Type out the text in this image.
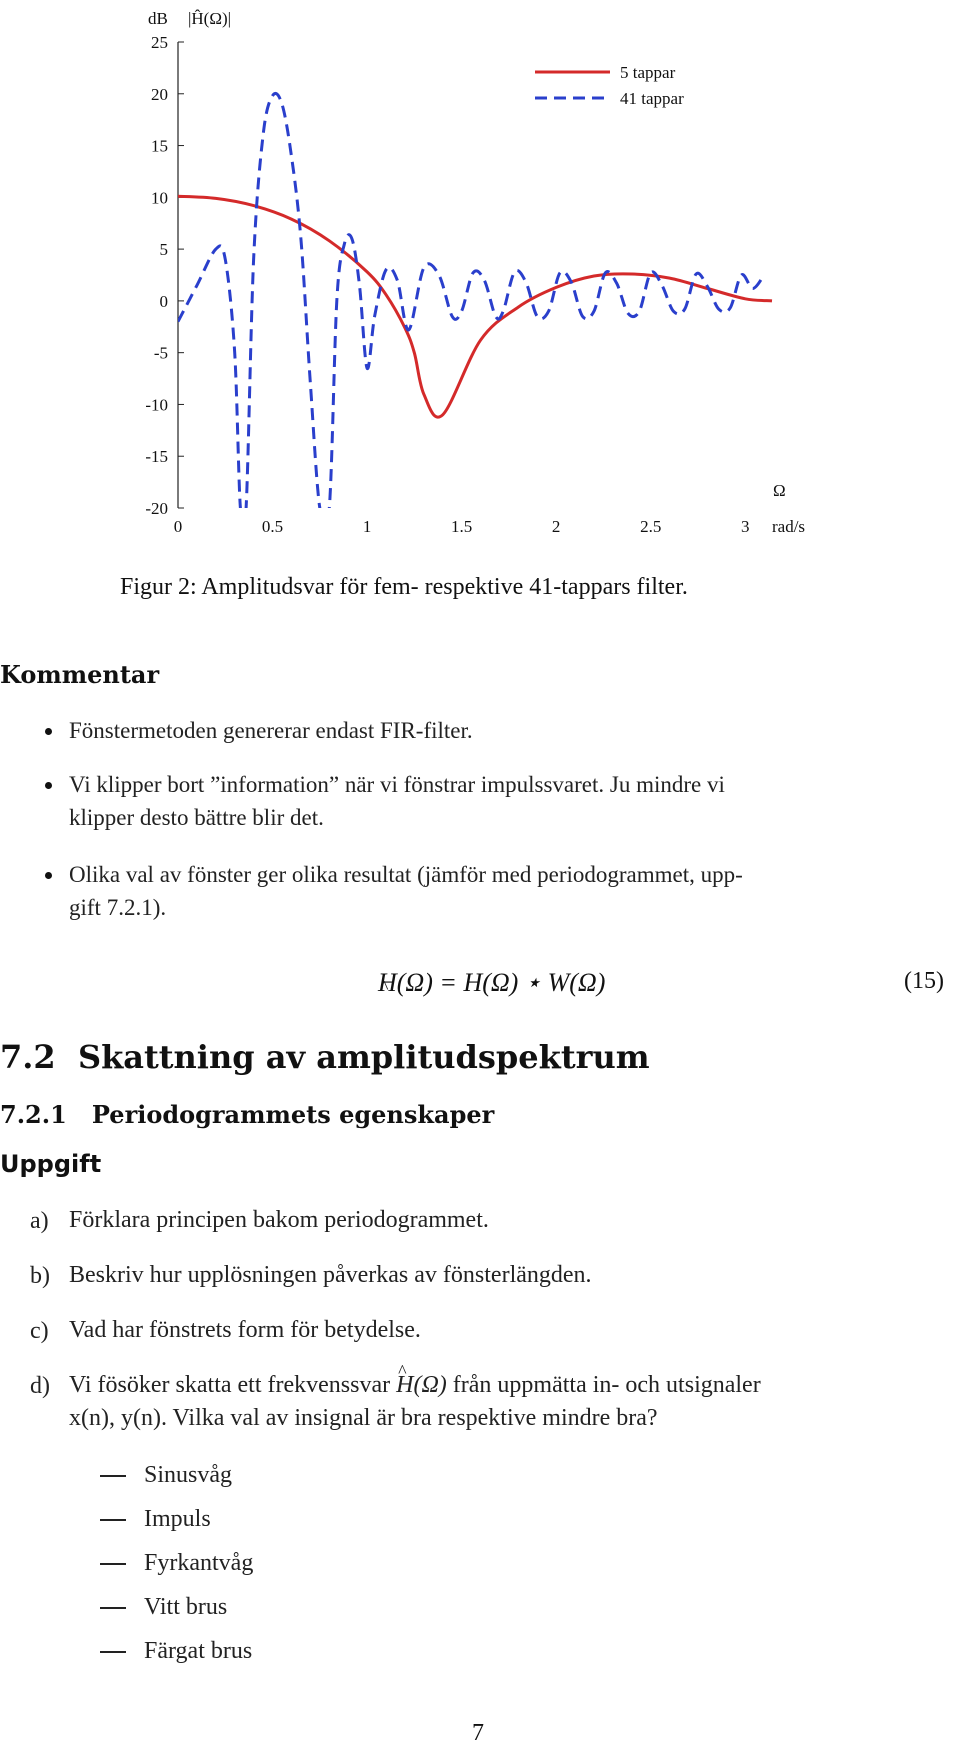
25
20
15
10
5
0
-5
-10
-15
-20
0	0.5	1	1.5	2	2.5	3
dB |Ĥ(Ω)|
Ω
rad/s
5 tappar
41 tappar
Figur 2: Amplitudsvar för fem- respektive 41-tappars filter.
Kommentar
Fönstermetoden genererar endast FIR-filter.
Vi klipper bort ”information” när vi fönstrar impulssvaret. Ju mindre vi
klipper desto bättre blir det.
Olika val av fönster ger olika resultat (jämför med periodogrammet, upp-
gift 7.2.1).
H(Ω) = H(Ω) ⋆ W(Ω)	(15)
7.2 Skattning av amplitudspektrum
7.2.1 Periodogrammets egenskaper
Uppgift
a) Förklara principen bakom periodogrammet.
b) Beskriv hur upplösningen påverkas av fönsterlängden.
c) Vad har fönstrets form för betydelse.
d) Vi fösöker skatta ett frekvenssvar ^ H(Ω) från uppmätta in- och utsignaler
x(n), y(n). Vilka val av insignal är bra respektive mindre bra?
Sinusvåg
Impuls
Fyrkantvåg
Vitt brus
Färgat brus
7
